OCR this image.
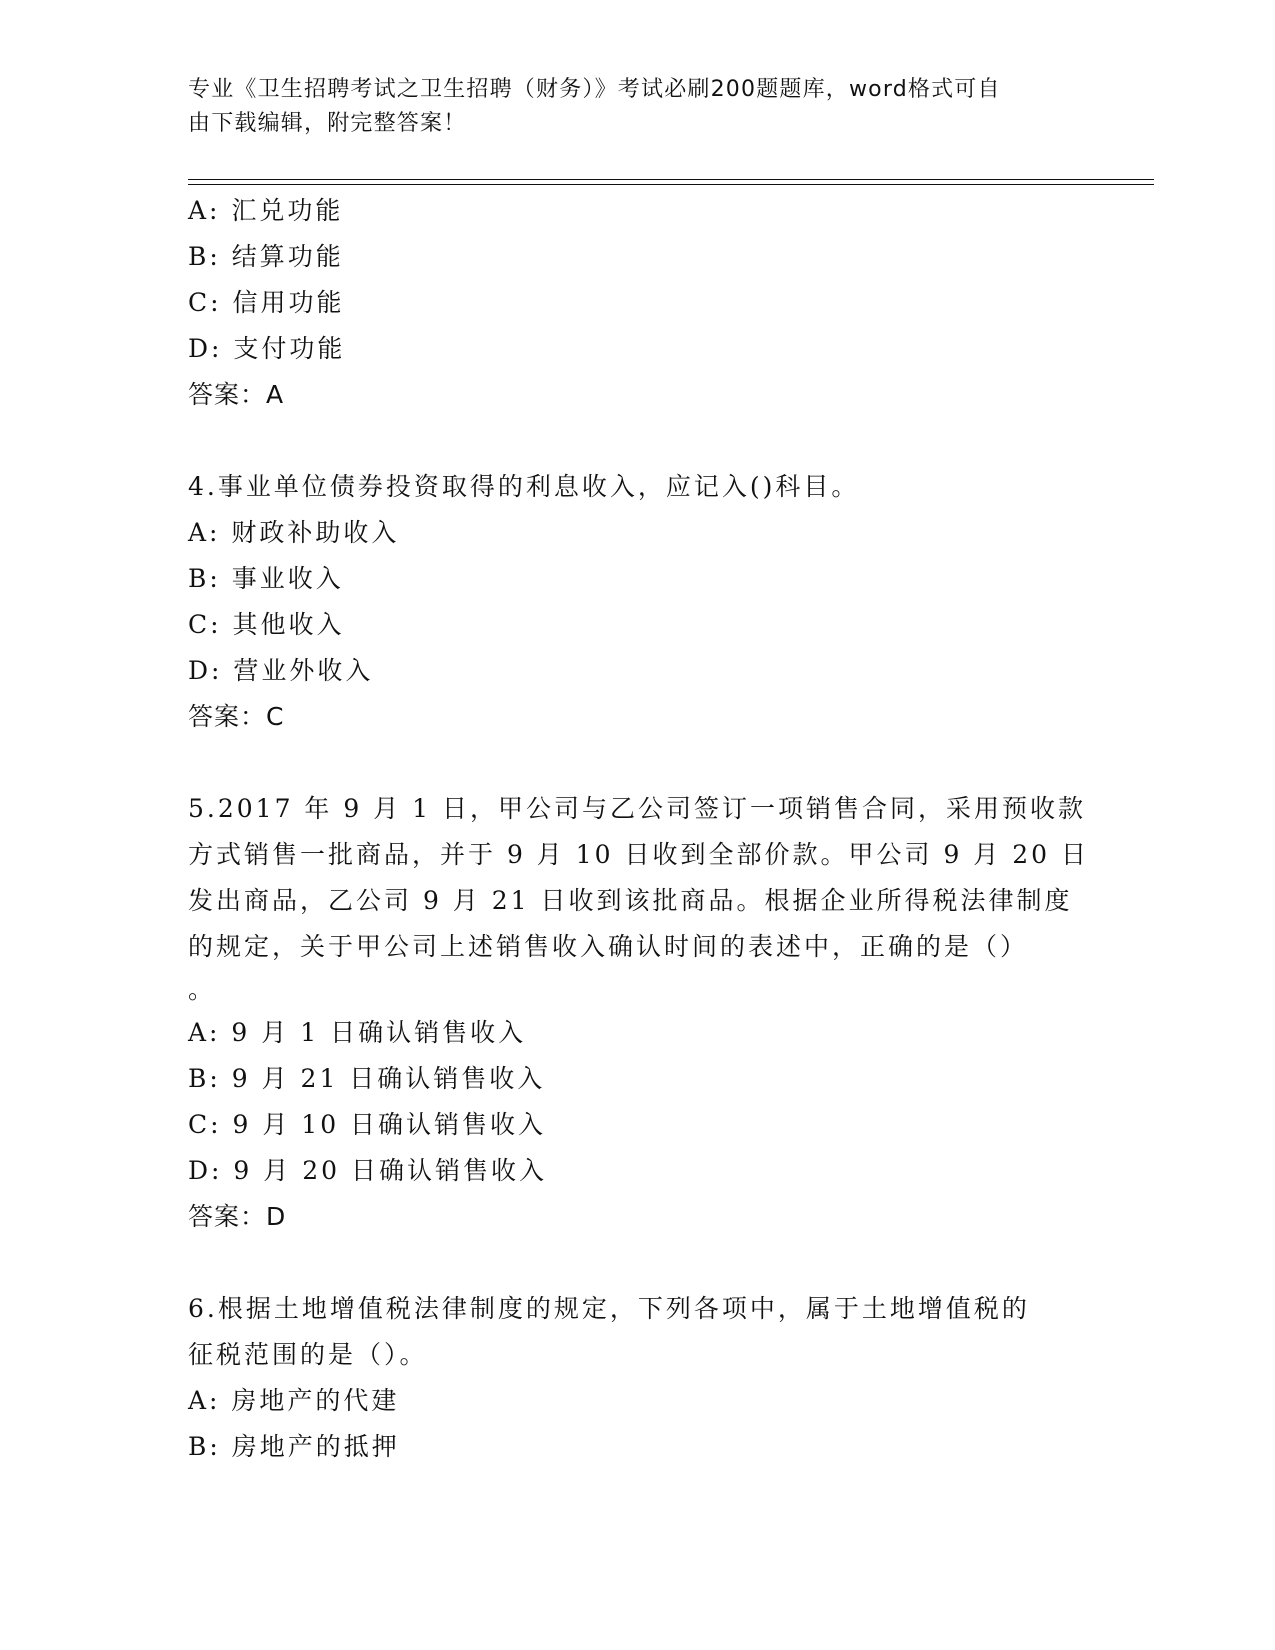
专业《卫生招聘考试之卫生招聘（财务）》考试必刷200题题库，word格式可自
由下载编辑，附完整答案！
A: 汇兑功能
B: 结算功能
C: 信用功能
D: 支付功能
答案：A
4.事业单位债券投资取得的利息收入，应记入()科目。
A: 财政补助收入
B: 事业收入
C: 其他收入
D: 营业外收入
答案：C
5.2017 年 9 月 1 日，甲公司与乙公司签订一项销售合同，采用预收款
方式销售一批商品，并于 9 月 10 日收到全部价款。甲公司 9 月 20 日
发出商品，乙公司 9 月 21 日收到该批商品。根据企业所得税法律制度
的规定，关于甲公司上述销售收入确认时间的表述中，正确的是（）
。
A: 9 月 1 日确认销售收入
B: 9 月 21 日确认销售收入
C: 9 月 10 日确认销售收入
D: 9 月 20 日确认销售收入
答案：D
6.根据土地增值税法律制度的规定，下列各项中，属于土地增值税的
征税范围的是（）。
A: 房地产的代建
B: 房地产的抵押
